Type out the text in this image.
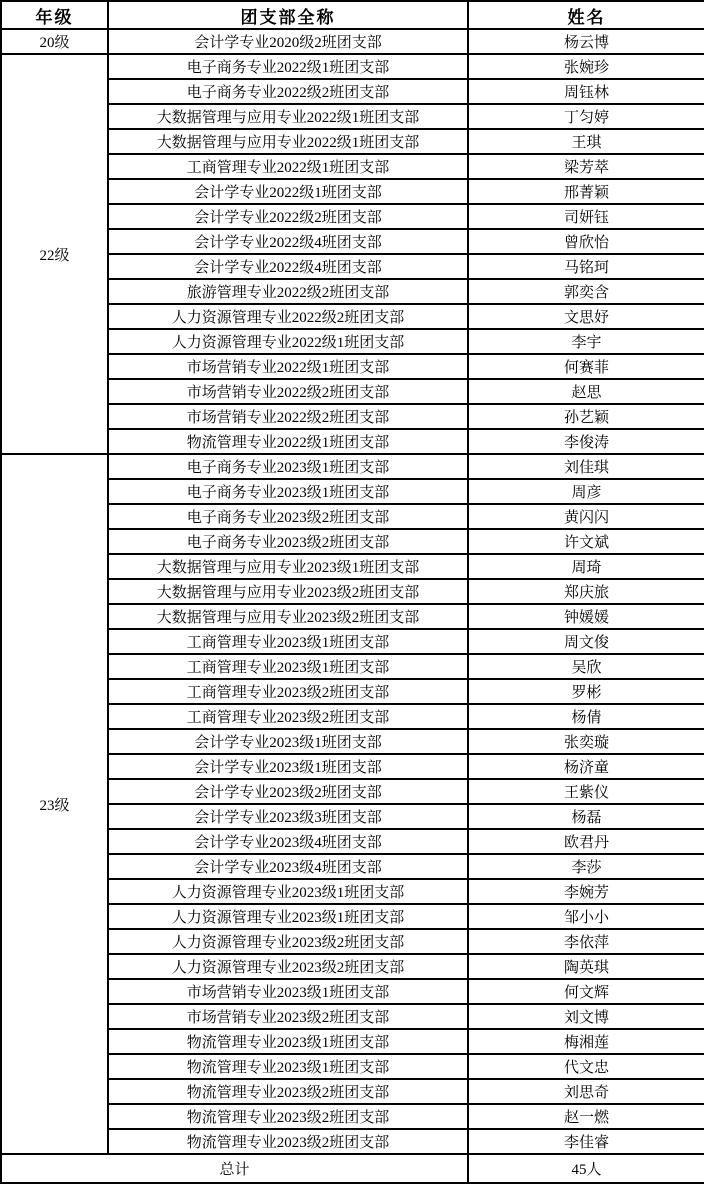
年级	团支部全称	姓名
20级	会计学专业2020级2班团支部	杨云博
22级	电子商务专业2022级1班团支部	张婉珍
	电子商务专业2022级2班团支部	周钰林
	大数据管理与应用专业2022级1班团支部	丁匀婷
	大数据管理与应用专业2022级1班团支部	王琪
	工商管理专业2022级1班团支部	梁芳萃
	会计学专业2022级1班团支部	邢菁颖
	会计学专业2022级2班团支部	司妍钰
	会计学专业2022级4班团支部	曾欣怡
	会计学专业2022级4班团支部	马铭珂
	旅游管理专业2022级2班团支部	郭奕含
	人力资源管理专业2022级2班团支部	文思妤
	人力资源管理专业2022级1班团支部	李宇
	市场营销专业2022级1班团支部	何赛菲
	市场营销专业2022级2班团支部	赵思
	市场营销专业2022级2班团支部	孙艺颖
	物流管理专业2022级1班团支部	李俊涛
23级	电子商务专业2023级1班团支部	刘佳琪
	电子商务专业2023级1班团支部	周彦
	电子商务专业2023级2班团支部	黄闪闪
	电子商务专业2023级2班团支部	许文斌
	大数据管理与应用专业2023级1班团支部	周琦
	大数据管理与应用专业2023级2班团支部	郑庆旅
	大数据管理与应用专业2023级2班团支部	钟媛媛
	工商管理专业2023级1班团支部	周文俊
	工商管理专业2023级1班团支部	吴欣
	工商管理专业2023级2班团支部	罗彬
	工商管理专业2023级2班团支部	杨倩
	会计学专业2023级1班团支部	张奕璇
	会计学专业2023级1班团支部	杨济童
	会计学专业2023级2班团支部	王紫仪
	会计学专业2023级3班团支部	杨磊
	会计学专业2023级4班团支部	欧君丹
	会计学专业2023级4班团支部	李莎
	人力资源管理专业2023级1班团支部	李婉芳
	人力资源管理专业2023级1班团支部	邹小小
	人力资源管理专业2023级2班团支部	李依萍
	人力资源管理专业2023级2班团支部	陶英琪
	市场营销专业2023级1班团支部	何文辉
	市场营销专业2023级2班团支部	刘文博
	物流管理专业2023级1班团支部	梅湘莲
	物流管理专业2023级1班团支部	代文忠
	物流管理专业2023级2班团支部	刘思奇
	物流管理专业2023级2班团支部	赵一燃
	物流管理专业2023级2班团支部	李佳睿
总计		45人
